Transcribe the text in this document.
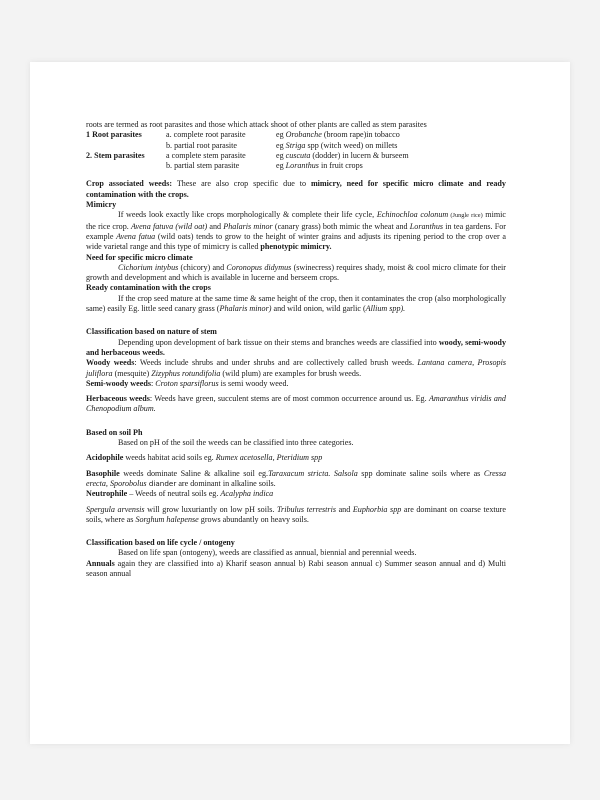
roots are termed as root parasites and those which attack shoot of other plants are called as stem parasites

1 Root parasites	a. complete root parasite	eg Orobanche (broom rape)in tobacco
	b. partial root parasite	eg Striga spp (witch weed) on millets
2. Stem parasites	a complete stem parasite	eg cuscuta (dodder) in lucern & burseem
	b. partial stem parasite	eg Loranthus in fruit crops

Crop associated weeds: These are also crop specific due to mimicry, need for specific micro climate and ready contamination with the crops.

Mimicry

If weeds look exactly like crops morphologically & complete their life cycle, Echinochloa colonum (Jungle rice) mimic the rice crop. Avena fatuva (wild oat) and Phalaris minor (canary grass) both mimic the wheat and Loranthus in tea gardens. For example Avena fatua (wild oats) tends to grow to the height of winter grains and adjusts its ripening period to the crop over a wide varietal range and this type of mimicry is called phenotypic mimicry.

Need for specific micro climate

Cichorium intybus (chicory) and Coronopus didymus (swinecress) requires shady, moist & cool micro climate for their growth and development and which is available in lucerne and berseem crops.

Ready contamination with the crops

If the crop seed mature at the same time & same height of the crop, then it contaminates the crop (also morphologically same) easily Eg. little seed canary grass (Phalaris minor) and wild onion, wild garlic (Allium spp).

Classification based on nature of stem

Depending upon development of bark tissue on their stems and branches weeds are classified into woody, semi-woody and herbaceous weeds.

Woody weeds: Weeds include shrubs and under shrubs and are collectively called brush weeds. Lantana camera, Prosopis juliflora (mesquite) Zizyphus rotundifolia (wild plum) are examples for brush weeds.

Semi-woody weeds: Croton sparsiflorus is semi woody weed.

Herbaceous weeds: Weeds have green, succulent stems are of most common occurrence around us. Eg. Amaranthus viridis and Chenopodium album.

Based on soil Ph

Based on pH of the soil the weeds can be classified into three categories.

Acidophile weeds habitat acid soils eg. Rumex acetosella, Pteridium spp

Basophile weeds dominate Saline & alkaline soil eg.Taraxacum stricta. Salsola spp dominate saline soils where as Cressa erecta, Sporobolus diander are dominant in alkaline soils.

Neutrophile – Weeds of neutral soils eg. Acalypha indica

Spergula arvensis will grow luxuriantly on low pH soils. Tribulus terrestris and Euphorbia spp are dominant on coarse texture soils, where as Sorghum halepense grows abundantly on heavy soils.

Classification based on life cycle / ontogeny

Based on life span (ontogeny), weeds are classified as annual, biennial and perennial weeds.

Annuals again they are classified into a) Kharif season annual b) Rabi season annual c) Summer season annual and d) Multi season annual
